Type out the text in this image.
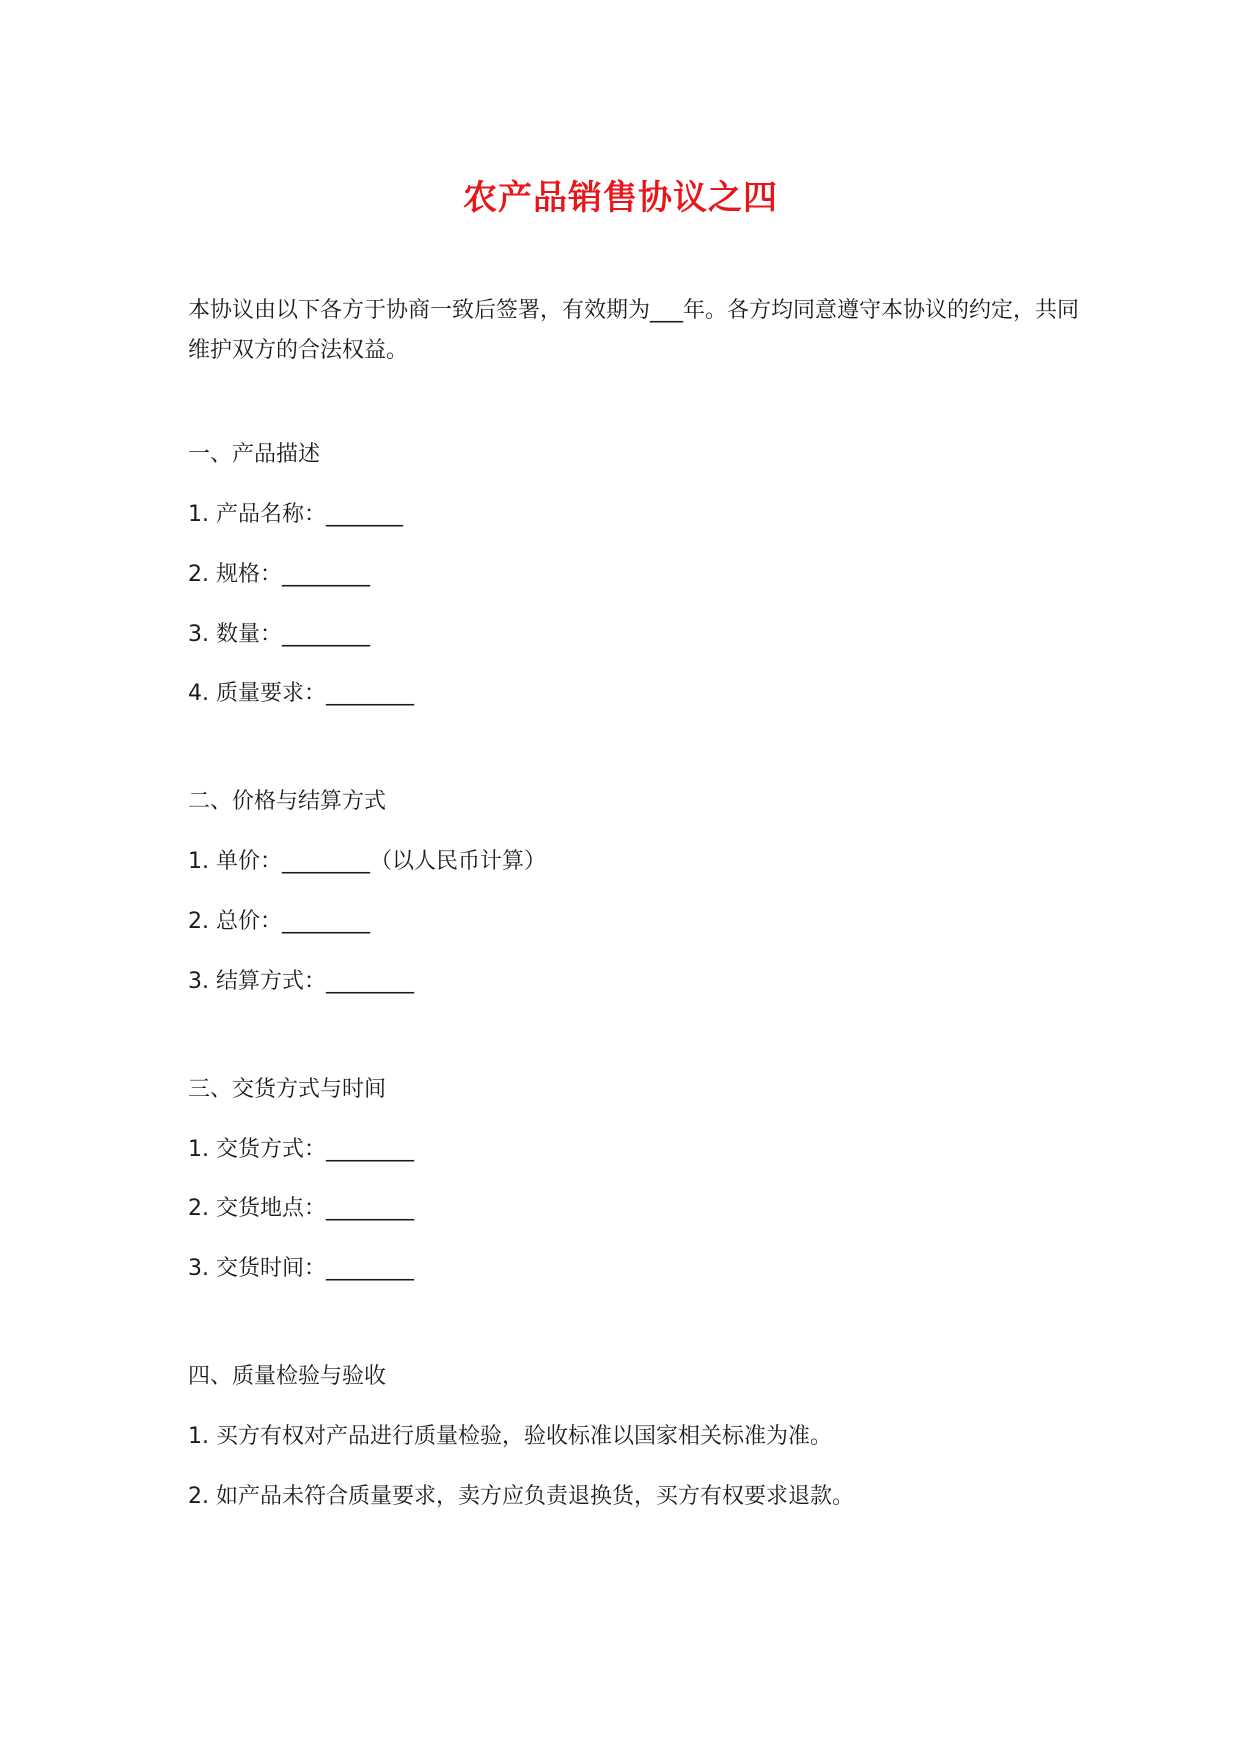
农产品销售协议之四
本协议由以下各方于协商一致后签署，有效期为___年。各方均同意遵守本协议的约定，共同维护双方的合法权益。
一、产品描述
1. 产品名称：_______
2. 规格：________
3. 数量：________
4. 质量要求：________
二、价格与结算方式
1. 单价：________（以人民币计算）
2. 总价：________
3. 结算方式：________
三、交货方式与时间
1. 交货方式：________
2. 交货地点：________
3. 交货时间：________
四、质量检验与验收
1. 买方有权对产品进行质量检验，验收标准以国家相关标准为准。
2. 如产品未符合质量要求，卖方应负责退换货，买方有权要求退款。
